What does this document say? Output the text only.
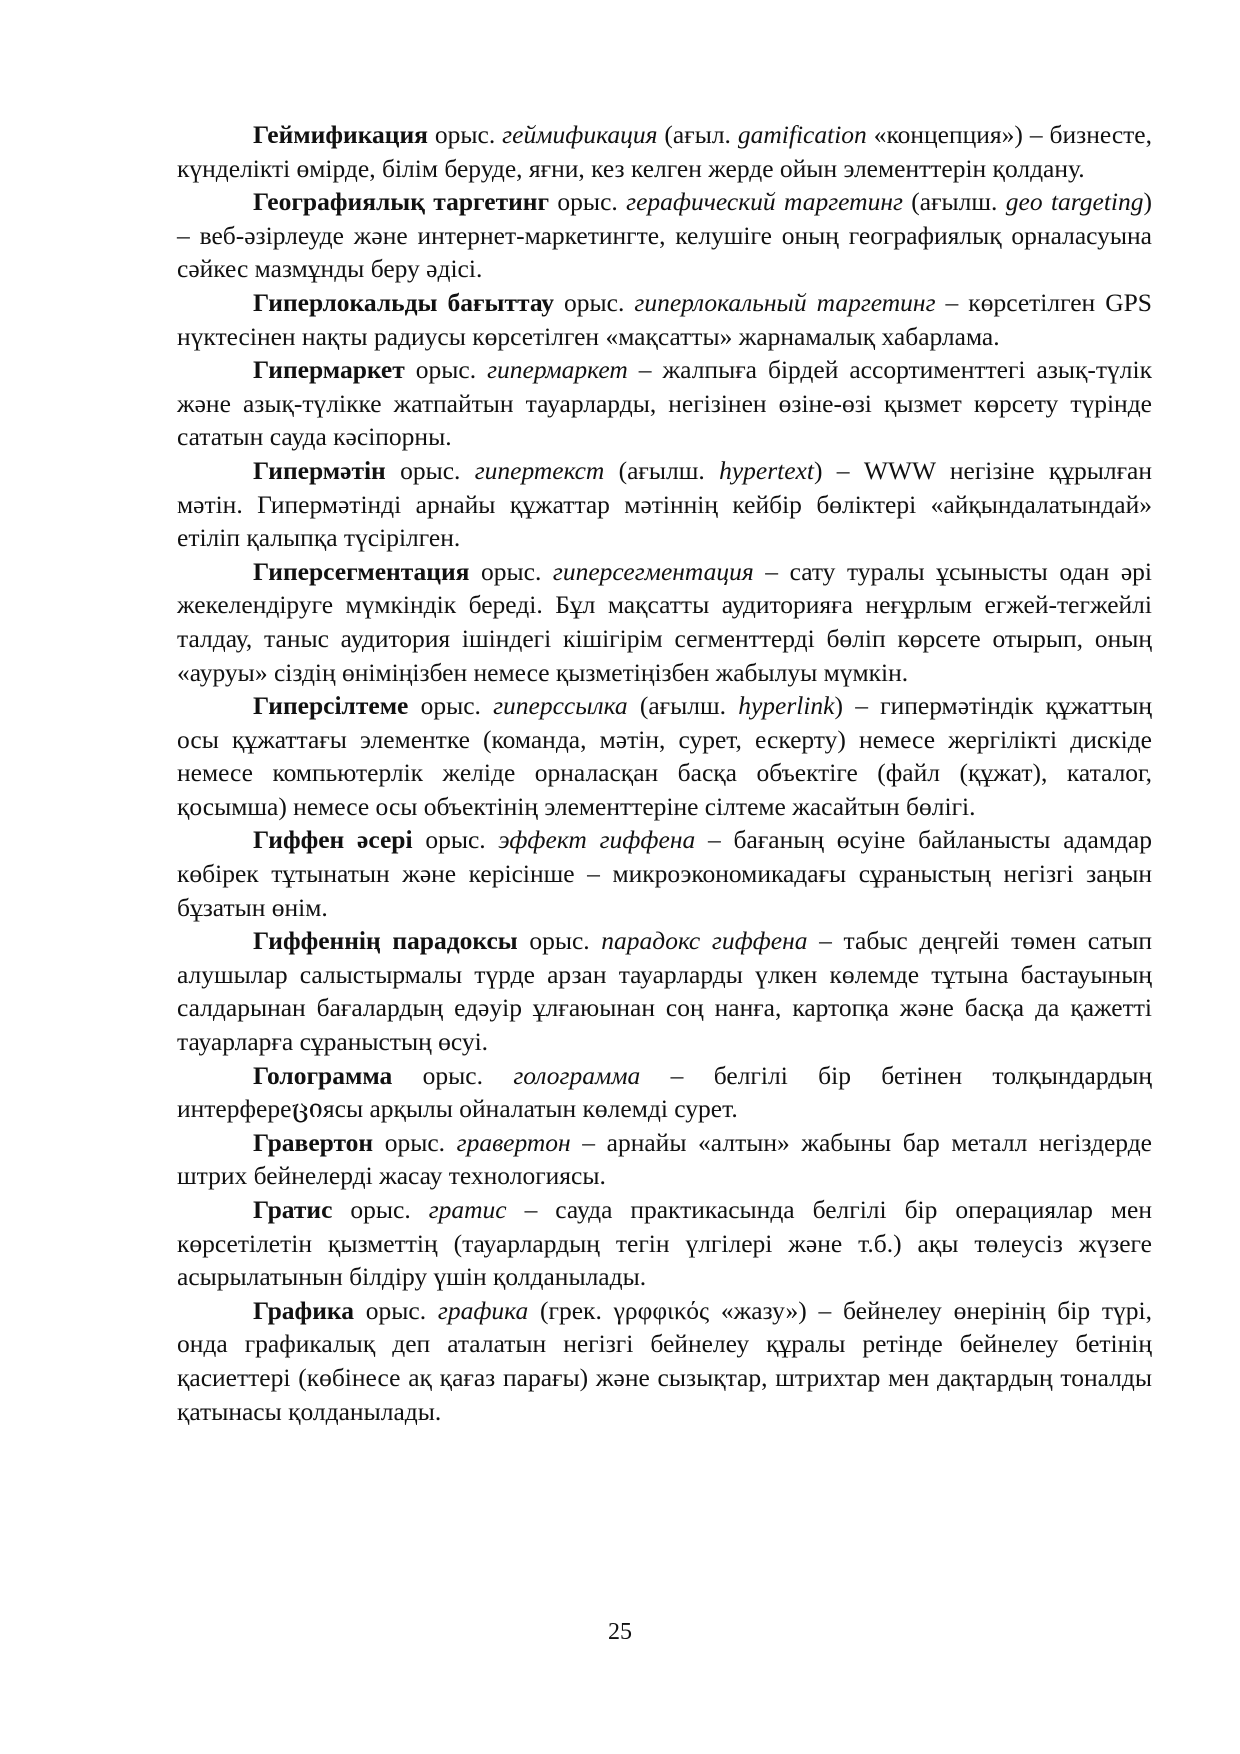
Геймификация орыс. геймификация (ағыл. gamification «концепция») – бизнесте, күнделікті өмірде, білім беруде, яғни, кез келген жерде ойын элементтерін қолдану.

Географиялық таргетинг орыс. герафический таргетинг (ағылш. geo targeting) – веб-әзірлеуде және интернет-маркетингте, келушіге оның географиялық орналасуына сәйкес мазмұнды беру әдісі.

Гиперлокальды бағыттау орыс. гиперлокальный таргетинг – көрсетілген GPS нүктесінен нақты радиусы көрсетілген «мақсатты» жарнамалық хабарлама.

Гипермаркет орыс. гипермаркет – жалпыға бірдей ассортименттегі азық-түлік және азық-түлікке жатпайтын тауарларды, негізінен өзіне-өзі қызмет көрсету түрінде сататын сауда кәсіпорны.

Гипермәтін орыс. гипертекст (ағылш. hypertext) – WWW негізіне құрылған мәтін. Гипермәтінді арнайы құжаттар мәтіннің кейбір бөліктері «айқындалатындай» етіліп қалыпқа түсірілген.

Гиперсегментация орыс. гиперсегментация – сату туралы ұсынысты одан әрі жекелендіруге мүмкіндік береді. Бұл мақсатты аудиторияға неғұрлым егжей-тегжейлі талдау, таныс аудитория ішіндегі кішігірім сегменттерді бөліп көрсете отырып, оның «ауруы» сіздің өніміңізбен немесе қызметіңізбен жабылуы мүмкін.

Гиперсілтеме орыс. гиперссылка (ағылш. hyperlink) – гипермәтіндік құжаттың осы құжаттағы элементке (команда, мәтін, сурет, ескерту) немесе жергілікті дискіде немесе компьютерлік желіде орналасқан басқа объектіге (файл (құжат), каталог, қосымша) немесе осы объектінің элементтеріне сілтеме жасайтын бөлігі.

Гиффен әсері орыс. эффект гиффена – бағаның өсуіне байланысты адамдар көбірек тұтынатын және керісінше – микроэкономикадағы сұраныстың негізгі заңын бұзатын өнім.

Гиффеннің парадоксы орыс. парадокс гиффена – табыс деңгейі төмен сатып алушылар салыстырмалы түрде арзан тауарларды үлкен көлемде тұтына бастауының салдарынан бағалардың едәуір ұлғаюынан соң нанға, картопқа және басқа да қажетті тауарларға сұраныстың өсуі.

Голограмма орыс. голограмма – белгілі бір бетінен толқындардың интерфереციясы арқылы ойналатын көлемді сурет.

Гравертон орыс. гравертон – арнайы «алтын» жабыны бар металл негіздерде штрих бейнелерді жасау технологиясы.

Гратис орыс. гратис – сауда практикасында белгілі бір операциялар мен көрсетілетін қызметтің (тауарлардың тегін үлгілері және т.б.) ақы төлеусіз жүзеге асырылатынын білдіру үшін қолданылады.

Графика орыс. графика (грек. γρφφικός «жазу») – бейнелеу өнерінің бір түрі, онда графикалық деп аталатын негізгі бейнелеу құралы ретінде бейнелеу бетінің қасиеттері (көбінесе ақ қағаз парағы) және сызықтар, штрихтар мен дақтардың тоналды қатынасы қолданылады.

25
